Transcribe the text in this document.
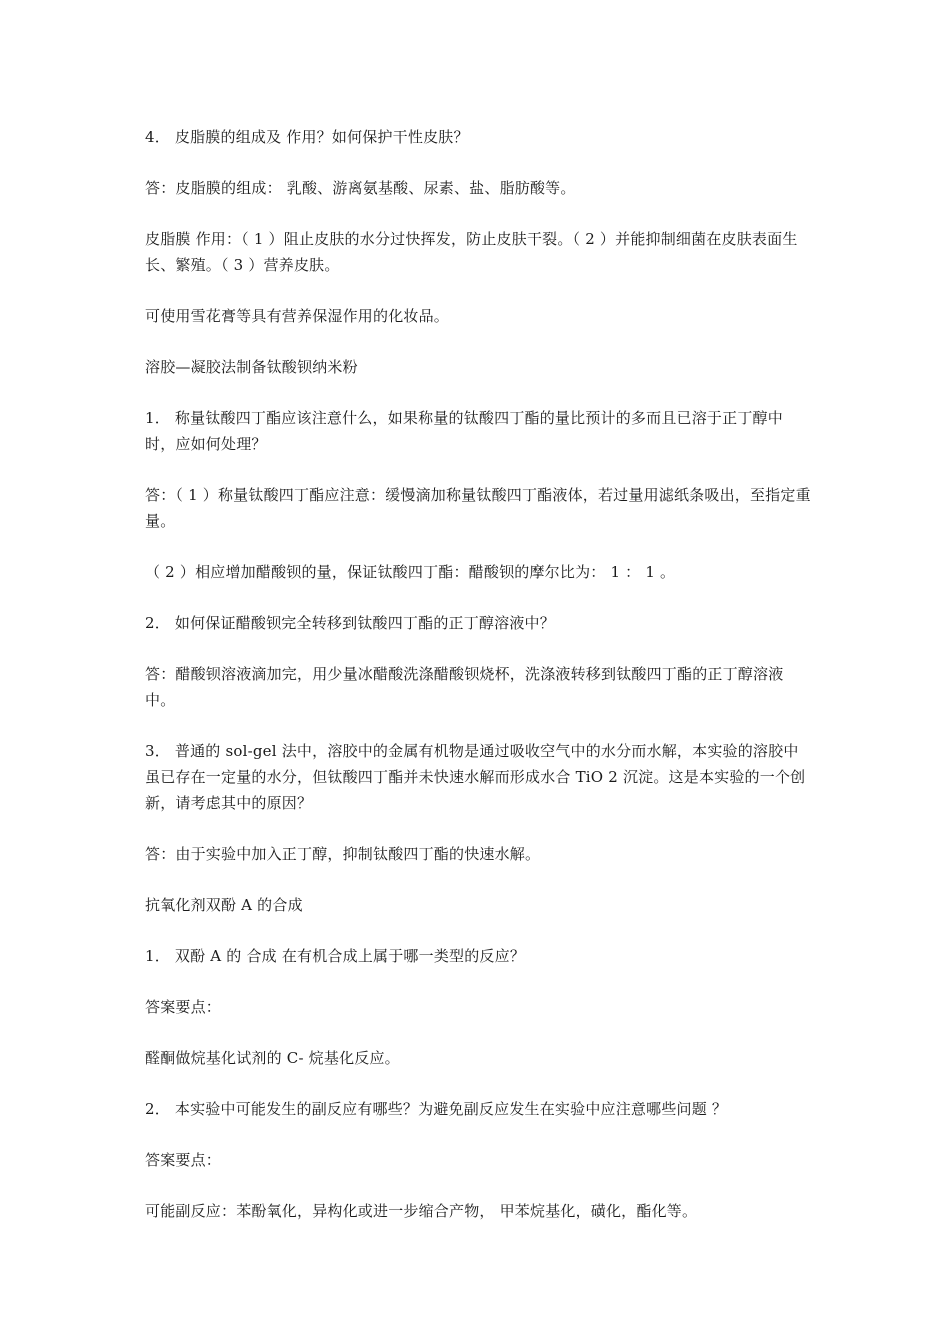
4． 皮脂膜的组成及 作用？如何保护干性皮肤？

答：皮脂膜的组成： 乳酸、游离氨基酸、尿素、盐、脂肪酸等。

皮脂膜 作用：（ 1 ）阻止皮肤的水分过快挥发，防止皮肤干裂。（ 2 ）并能抑制细菌在皮肤表面生长、繁殖。（ 3 ）营养皮肤。

可使用雪花膏等具有营养保湿作用的化妆品。

溶胶—凝胶法制备钛酸钡纳米粉

1． 称量钛酸四丁酯应该注意什么，如果称量的钛酸四丁酯的量比预计的多而且已溶于正丁醇中时，应如何处理？

答：（ 1 ）称量钛酸四丁酯应注意：缓慢滴加称量钛酸四丁酯液体，若过量用滤纸条吸出，至指定重量。

（ 2 ）相应增加醋酸钡的量，保证钛酸四丁酯：醋酸钡的摩尔比为： 1 ： 1 。

2． 如何保证醋酸钡完全转移到钛酸四丁酯的正丁醇溶液中？

答：醋酸钡溶液滴加完，用少量冰醋酸洗涤醋酸钡烧杯，洗涤液转移到钛酸四丁酯的正丁醇溶液中。

3． 普通的 sol-gel 法中，溶胶中的金属有机物是通过吸收空气中的水分而水解，本实验的溶胶中虽已存在一定量的水分，但钛酸四丁酯并未快速水解而形成水合 TiO 2 沉淀。这是本实验的一个创新，请考虑其中的原因？

答：由于实验中加入正丁醇，抑制钛酸四丁酯的快速水解。

抗氧化剂双酚 A 的合成

1． 双酚 A 的 合成 在有机合成上属于哪一类型的反应？

答案要点：

醛酮做烷基化试剂的 C- 烷基化反应。

2． 本实验中可能发生的副反应有哪些？为避免副反应发生在实验中应注意哪些问题 ？

答案要点：

可能副反应：苯酚氧化，异构化或进一步缩合产物， 甲苯烷基化，磺化，酯化等。
